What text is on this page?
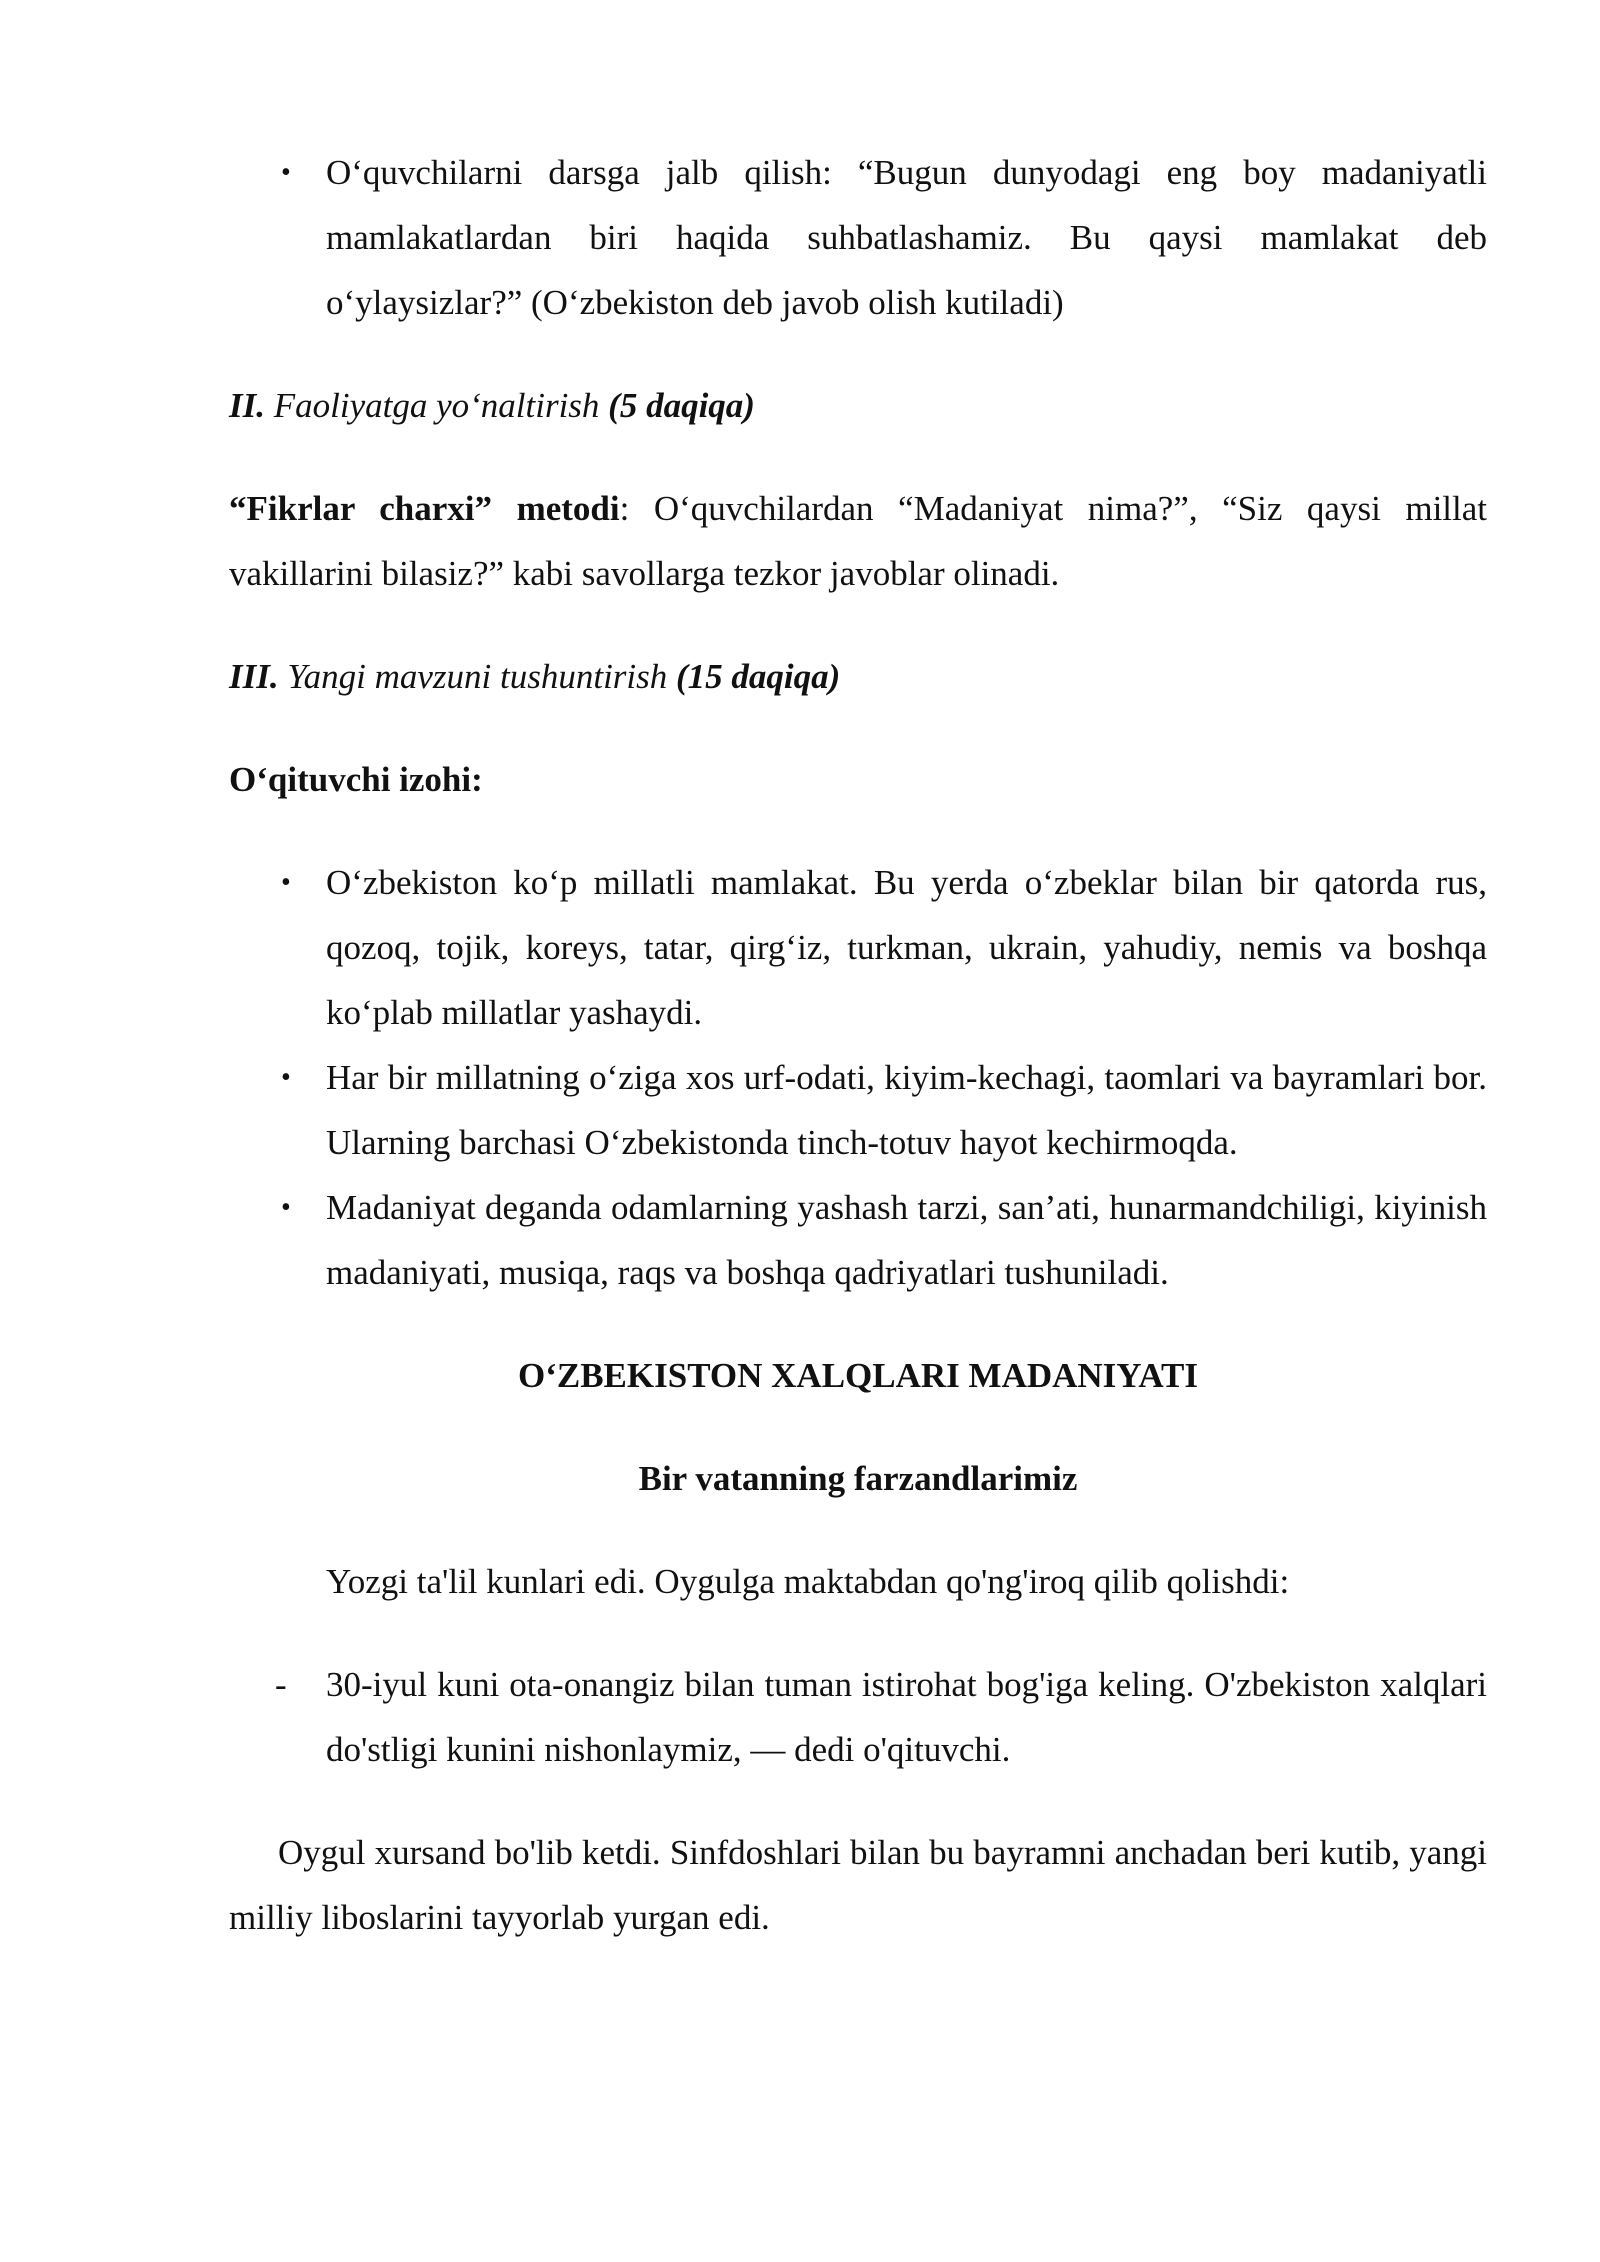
• O‘quvchilarni darsga jalb qilish: “Bugun dunyodagi eng boy madaniyatli mamlakatlardan biri haqida suhbatlashamiz. Bu qaysi mamlakat deb o‘ylaysizlar?” (O‘zbekiston deb javob olish kutiladi)

II. Faoliyatga yo‘naltirish (5 daqiqa)

“Fikrlar charxi” metodi: O‘quvchilardan “Madaniyat nima?”, “Siz qaysi millat vakillarini bilasiz?” kabi savollarga tezkor javoblar olinadi.

III. Yangi mavzuni tushuntirish (15 daqiqa)

O‘qituvchi izohi:

• O‘zbekiston ko‘p millatli mamlakat. Bu yerda o‘zbeklar bilan bir qatorda rus, qozoq, tojik, koreys, tatar, qirg‘iz, turkman, ukrain, yahudiy, nemis va boshqa ko‘plab millatlar yashaydi.
• Har bir millatning o‘ziga xos urf-odati, kiyim-kechagi, taomlari va bayramlari bor. Ularning barchasi O‘zbekistonda tinch-totuv hayot kechirmoqda.
• Madaniyat deganda odamlarning yashash tarzi, san’ati, hunarmandchiligi, kiyinish madaniyati, musiqa, raqs va boshqa qadriyatlari tushuniladi.

O‘ZBEKISTON XALQLARI MADANIYATI

Bir vatanning farzandlarimiz

Yozgi ta'lil kunlari edi. Oygulga maktabdan qo'ng'iroq qilib qolishdi:

- 30-iyul kuni ota-onangiz bilan tuman istirohat bog'iga keling. O'zbekiston xalqlari do'stligi kunini nishonlaymiz, — dedi o'qituvchi.

Oygul xursand bo'lib ketdi. Sinfdoshlari bilan bu bayramni anchadan beri kutib, yangi milliy liboslarini tayyorlab yurgan edi.
